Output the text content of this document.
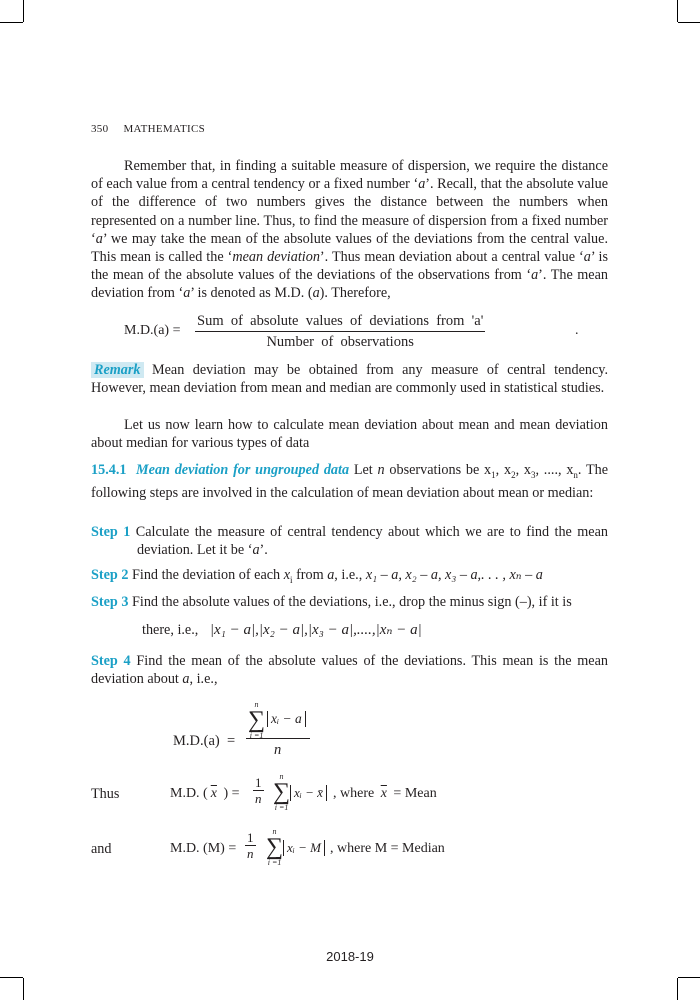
350 MATHEMATICS

Remember that, in finding a suitable measure of dispersion, we require the distance of each value from a central tendency or a fixed number ‘a’. Recall, that the absolute value of the difference of two numbers gives the distance between the numbers when represented on a number line. Thus, to find the measure of dispersion from a fixed number ‘a’ we may take the mean of the absolute values of the deviations from the central value. This mean is called the ‘mean deviation’. Thus mean deviation about a central value ‘a’ is the mean of the absolute values of the deviations of the observations from ‘a’. The mean deviation from ‘a’ is denoted as M.D. (a). Therefore,

M.D.(a) =
Sum  of  absolute  values  of  deviations  from  'a'
Number  of  observations
.

Remark Mean deviation may be obtained from any measure of central tendency. However, mean deviation from mean and median are commonly used in statistical studies.

Let us now learn how to calculate mean deviation about mean and mean deviation about median for various types of data

15.4.1 Mean deviation for ungrouped data Let n observations be $x_1$, $x_2$, $x_3$, ...., $x_n$. The following steps are involved in the calculation of mean deviation about mean or median:

Step 1 Calculate the measure of central tendency about which we are to find the mean deviation. Let it be ‘a’.

Step 2 Find the deviation of each $x_i$ from a, i.e., x₁ – a, x₂ – a, x₃ – a,. . . , xₙ – a

Step 3 Find the absolute values of the deviations, i.e., drop the minus sign (–), if it is

there, i.e., |x₁ − a|,|x₂ − a|,|x₃ − a|,....,|xₙ − a|

Step 4 Find the mean of the absolute values of the deviations. This mean is the mean deviation about a, i.e.,

M.D.(a)  =
n
∑
i =1
xᵢ − a
n
Thus	M.D. ( $\overline{x}$ ) =
1
n
n
∑
i =1
xᵢ − x̄ , where $\overline{x}$ = Mean
and	M.D. (M) =
1
n
n
∑
i =1
xᵢ − M , where M = Median
2018-19
